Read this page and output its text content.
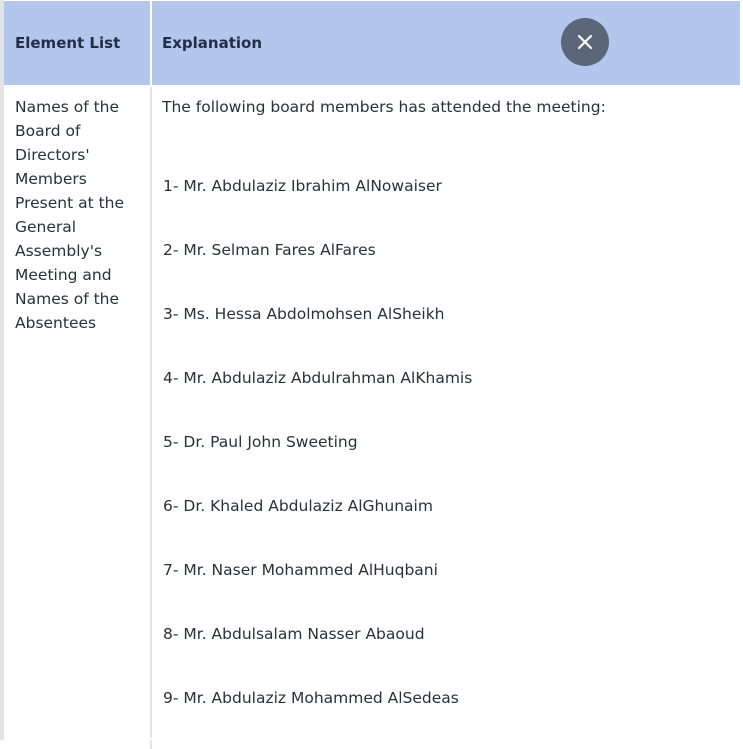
Element List	Explanation
Names of the Board of Directors' Members Present at the General Assembly's Meeting and Names of the Absentees	The following board members has attended the meeting:
1- Mr. Abdulaziz Ibrahim AlNowaiser
2- Mr. Selman Fares AlFares
3- Ms. Hessa Abdolmohsen AlSheikh
4- Mr. Abdulaziz Abdulrahman AlKhamis
5- Dr. Paul John Sweeting
6- Dr. Khaled Abdulaziz AlGhunaim
7- Mr. Naser Mohammed AlHuqbani
8- Mr. Abdulsalam Nasser Abaoud
9- Mr. Abdulaziz Mohammed AlSedeas
